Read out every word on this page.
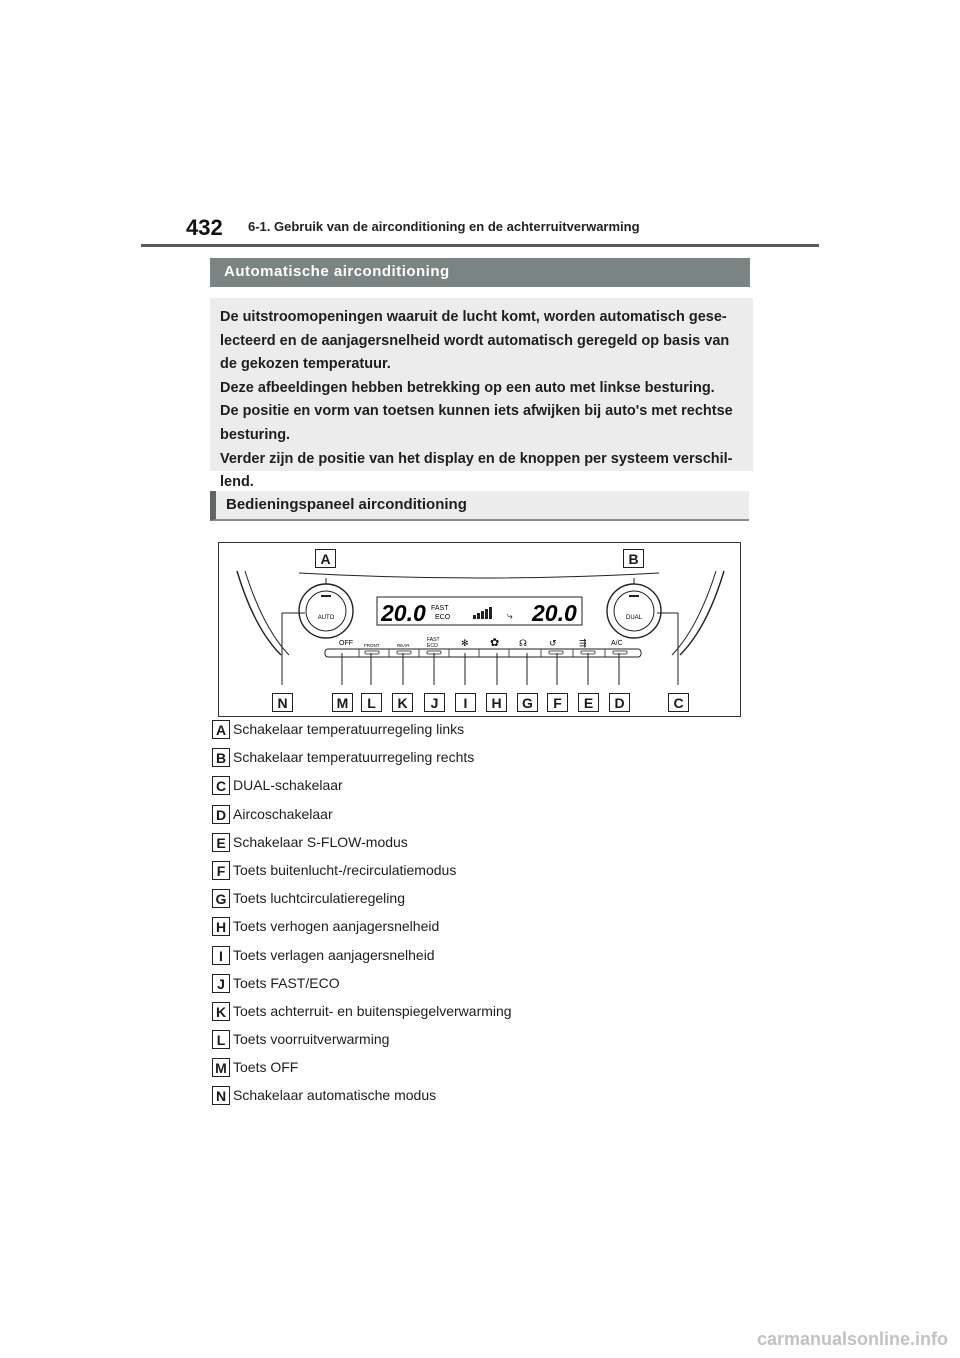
432 6-1. Gebruik van de airconditioning en de achterruitverwarming
Automatische airconditioning

De uitstroomopeningen waaruit de lucht komt, worden automatisch gese-

lecteerd en de aanjagersnelheid wordt automatisch geregeld op basis van

de gekozen temperatuur.

Deze afbeeldingen hebben betrekking op een auto met linkse besturing.

De positie en vorm van toetsen kunnen iets afwijken bij auto's met rechtse

besturing.

Verder zijn de positie van het display en de knoppen per systeem verschil-

lend.

Bedieningspaneel airconditioning
AUTO	DUAL
20.0	20.0
FAST
ECO	⤷
OFF FRONT	REAR
FAST
ECO	✻ ✿ ☊ ↺ ⇶	A/C
A	B
N	M	L	K	J	I	H	G	F	E	D	C
A Schakelaar temperatuurregeling links
B Schakelaar temperatuurregeling rechts
C DUAL-schakelaar
D Aircoschakelaar
E Schakelaar S-FLOW-modus
F Toets buitenlucht-/recirculatiemodus
G Toets luchtcirculatieregeling
H Toets verhogen aanjagersnelheid
I Toets verlagen aanjagersnelheid
J Toets FAST/ECO
K Toets achterruit- en buitenspiegelverwarming
L Toets voorruitverwarming
M Toets OFF
N Schakelaar automatische modus
carmanualsonline.info
